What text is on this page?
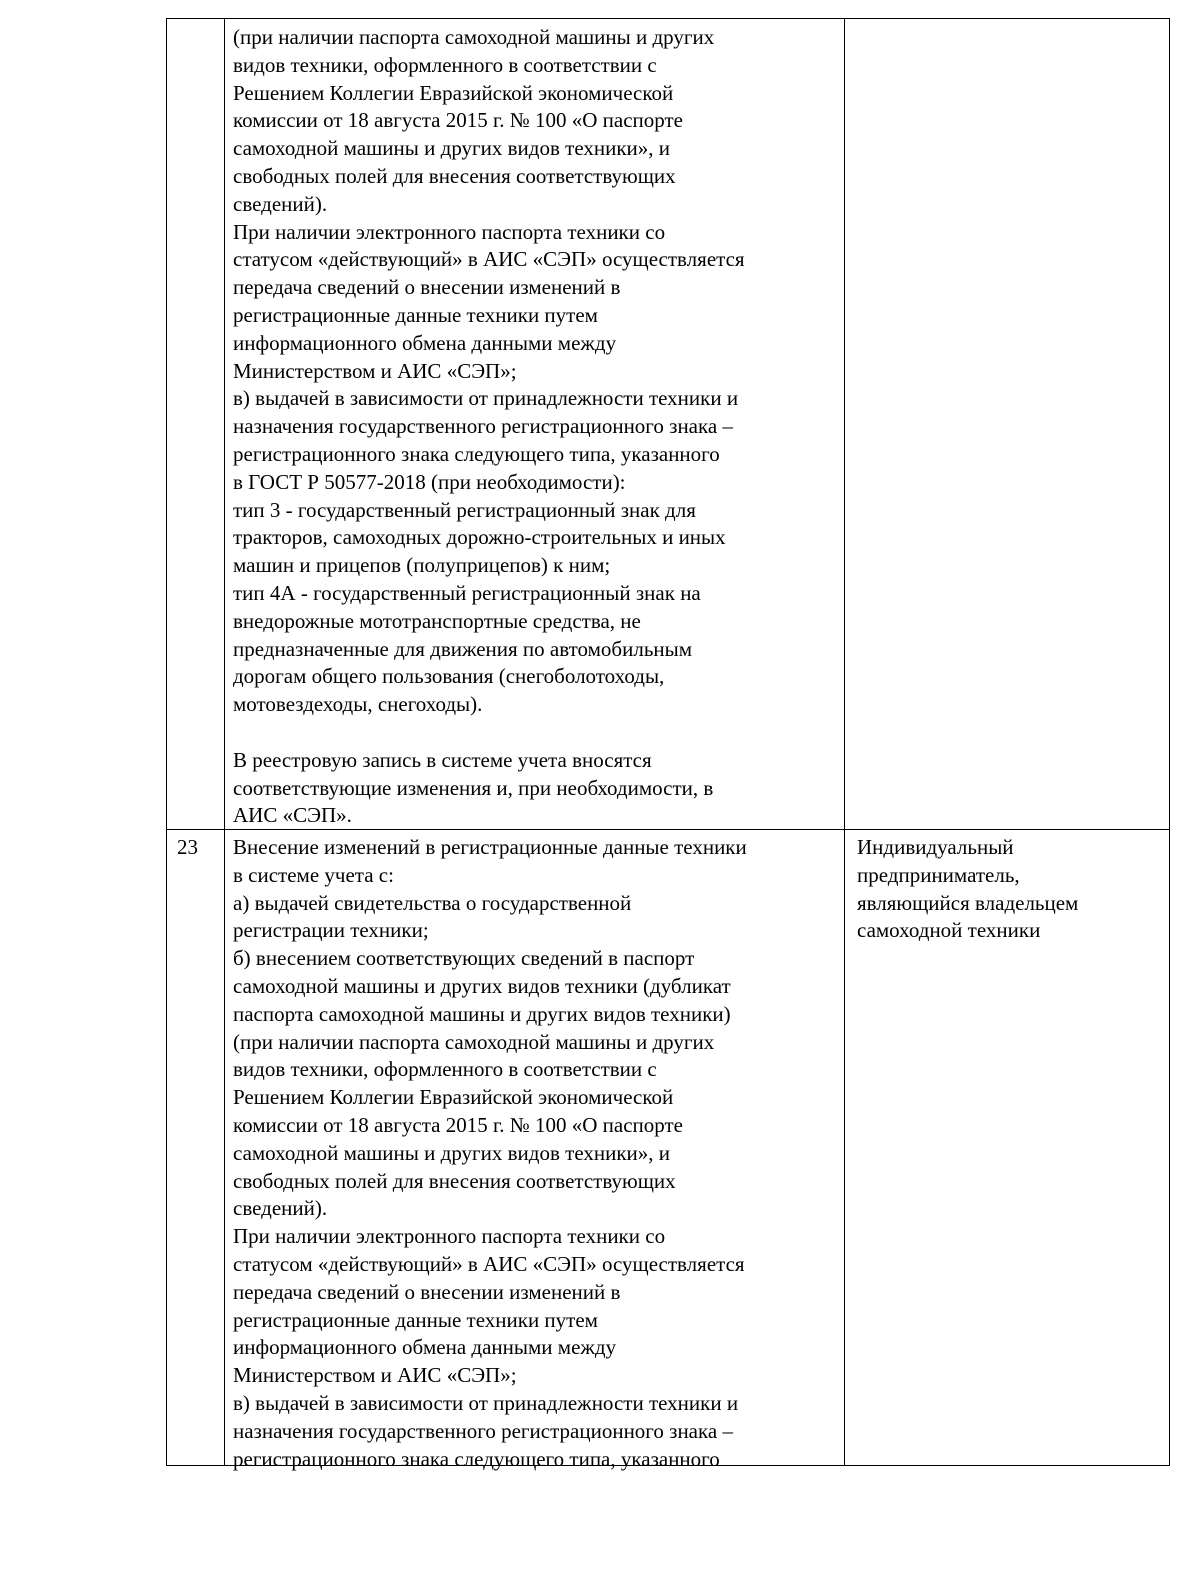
(при наличии паспорта самоходной машины и других
видов техники, оформленного в соответствии с
Решением Коллегии Евразийской экономической
комиссии от 18 августа 2015 г. № 100 «О паспорте
самоходной машины и других видов техники», и
свободных полей для внесения соответствующих
сведений).
При наличии электронного паспорта техники со
статусом «действующий» в АИС «СЭП» осуществляется
передача сведений о внесении изменений в
регистрационные данные техники путем
информационного обмена данными между
Министерством и АИС «СЭП»;
в) выдачей в зависимости от принадлежности техники и
назначения государственного регистрационного знака –
регистрационного знака следующего типа, указанного
в ГОСТ Р 50577-2018 (при необходимости):
тип 3 - государственный регистрационный знак для
тракторов, самоходных дорожно-строительных и иных
машин и прицепов (полуприцепов) к ним;
тип 4А - государственный регистрационный знак на
внедорожные мототранспортные средства, не
предназначенные для движения по автомобильным
дорогам общего пользования (снегоболотоходы,
мотовездеходы, снегоходы).

В реестровую запись в системе учета вносятся
соответствующие изменения и, при необходимости, в
АИС «СЭП».

23	Внесение изменений в регистрационные данные техники
в системе учета с:
а) выдачей свидетельства о государственной
регистрации техники;
б) внесением соответствующих сведений в паспорт
самоходной машины и других видов техники (дубликат
паспорта самоходной машины и других видов техники)
(при наличии паспорта самоходной машины и других
видов техники, оформленного в соответствии с
Решением Коллегии Евразийской экономической
комиссии от 18 августа 2015 г. № 100 «О паспорте
самоходной машины и других видов техники», и
свободных полей для внесения соответствующих
сведений).
При наличии электронного паспорта техники со
статусом «действующий» в АИС «СЭП» осуществляется
передача сведений о внесении изменений в
регистрационные данные техники путем
информационного обмена данными между
Министерством и АИС «СЭП»;
в) выдачей в зависимости от принадлежности техники и
назначения государственного регистрационного знака –
регистрационного знака следующего типа, указанного

Индивидуальный
предприниматель,
являющийся владельцем
самоходной техники
